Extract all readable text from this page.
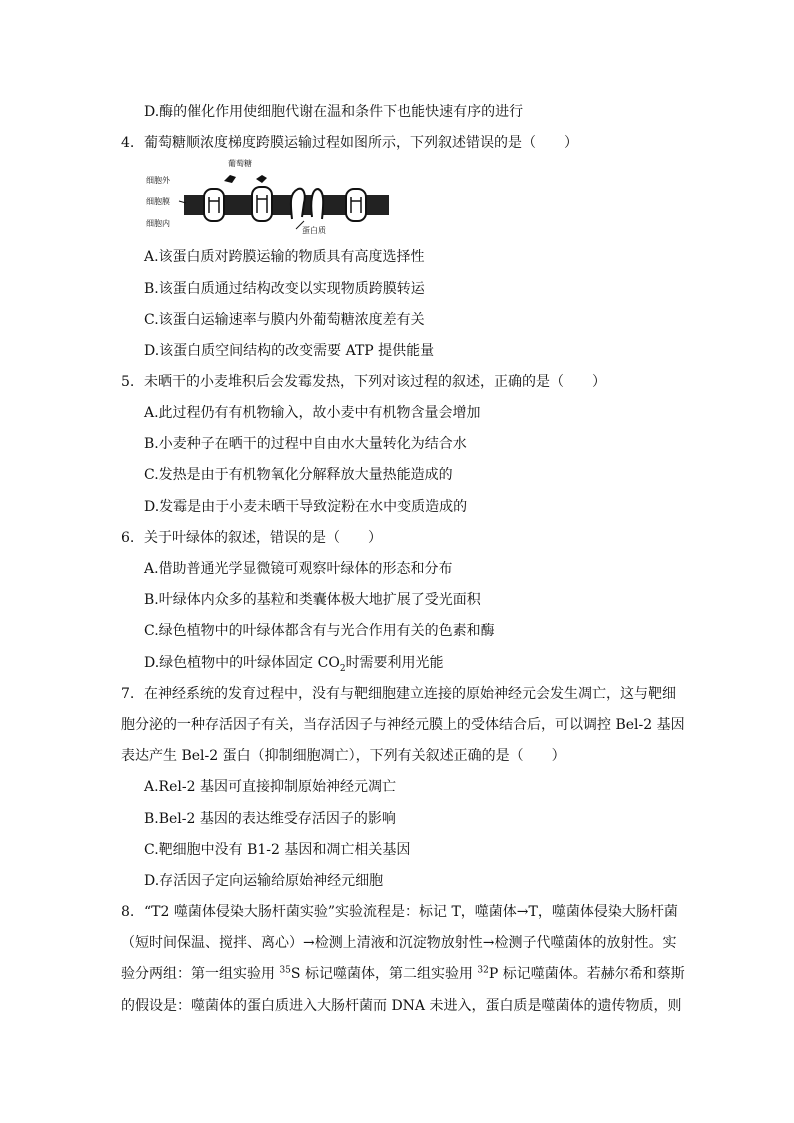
D.酶的催化作用使细胞代谢在温和条件下也能快速有序的进行
4. 葡萄糖顺浓度梯度跨膜运输过程如图所示，下列叙述错误的是（　　）
葡萄糖
细胞外
细胞膜
细胞内
蛋白质
A.该蛋白质对跨膜运输的物质具有高度选择性
B.该蛋白质通过结构改变以实现物质跨膜转运
C.该蛋白运输速率与膜内外葡萄糖浓度差有关
D.该蛋白质空间结构的改变需要 ATP 提供能量
5. 未晒干的小麦堆积后会发霉发热，下列对该过程的叙述，正确的是（　　）
A.此过程仍有有机物输入，故小麦中有机物含量会增加
B.小麦种子在晒干的过程中自由水大量转化为结合水
C.发热是由于有机物氧化分解释放大量热能造成的
D.发霉是由于小麦未晒干导致淀粉在水中变质造成的
6. 关于叶绿体的叙述，错误的是（　　）
A.借助普通光学显微镜可观察叶绿体的形态和分布
B.叶绿体内众多的基粒和类囊体极大地扩展了受光面积
C.绿色植物中的叶绿体都含有与光合作用有关的色素和酶
D.绿色植物中的叶绿体固定 $CO_2$时需要利用光能
7. 在神经系统的发育过程中，没有与靶细胞建立连接的原始神经元会发生凋亡，这与靶细
胞分泌的一种存活因子有关，当存活因子与神经元膜上的受体结合后，可以调控 Bel-2 基因
表达产生 Bel-2 蛋白（抑制细胞凋亡），下列有关叙述正确的是（　　）
A.Rel-2 基因可直接抑制原始神经元凋亡
B.Bel-2 基因的表达维受存活因子的影响
C.靶细胞中没有 B1-2 基因和凋亡相关基因
D.存活因子定向运输给原始神经元细胞
8. “T2 噬菌体侵染大肠杆菌实验”实验流程是：标记 T，噬菌体→T，噬菌体侵染大肠杆菌
（短时间保温、搅拌、离心）→检测上清液和沉淀物放射性→检测子代噬菌体的放射性。实
验分两组：第一组实验用 $^{35}$S 标记噬菌体，第二组实验用 $^{32}$P 标记噬菌体。若赫尔希和蔡斯
的假设是：噬菌体的蛋白质进入大肠杆菌而 DNA 未进入，蛋白质是噬菌体的遗传物质，则
